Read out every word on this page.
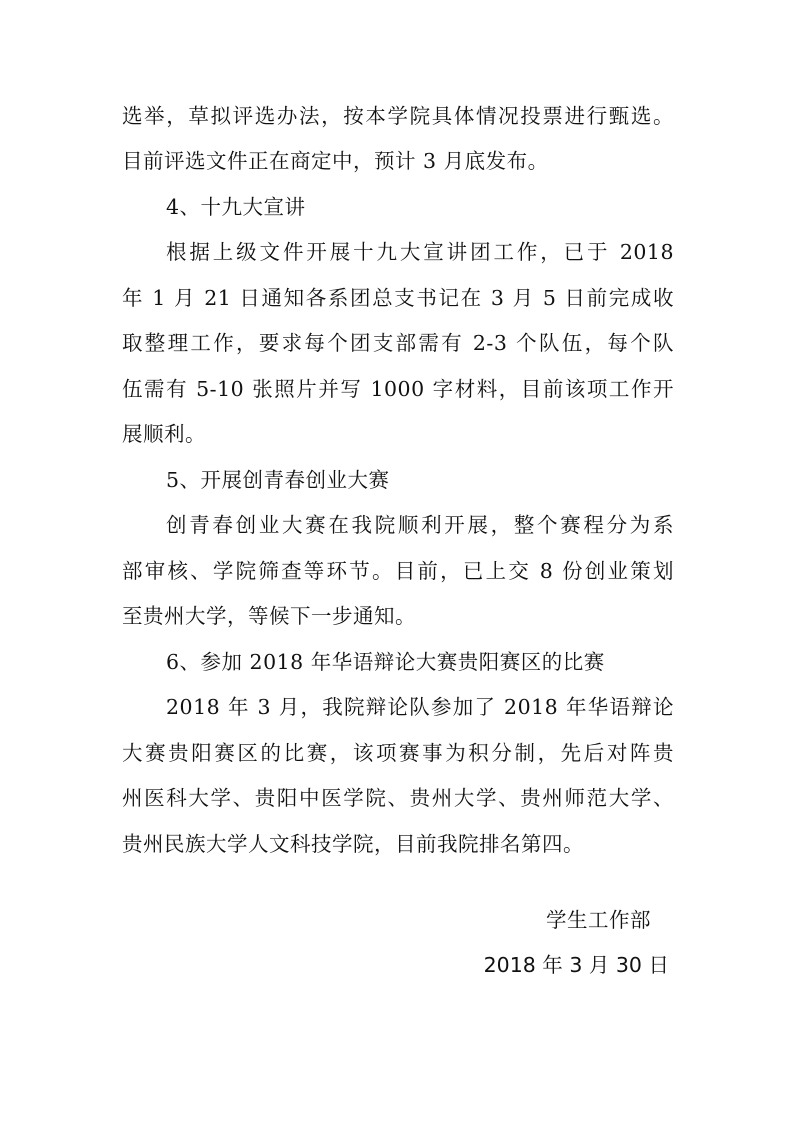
选举，草拟评选办法，按本学院具体情况投票进行甄选。
目前评选文件正在商定中，预计 3 月底发布。
4、十九大宣讲
根据上级文件开展十九大宣讲团工作，已于 2018
年 1 月 21 日通知各系团总支书记在 3 月 5 日前完成收
取整理工作，要求每个团支部需有 2-3 个队伍，每个队
伍需有 5-10 张照片并写 1000 字材料，目前该项工作开
展顺利。
5、开展创青春创业大赛
创青春创业大赛在我院顺利开展，整个赛程分为系
部审核、学院筛查等环节。目前，已上交 8 份创业策划
至贵州大学，等候下一步通知。
6、参加 2018 年华语辩论大赛贵阳赛区的比赛
2018 年 3 月，我院辩论队参加了 2018 年华语辩论
大赛贵阳赛区的比赛，该项赛事为积分制，先后对阵贵
州医科大学、贵阳中医学院、贵州大学、贵州师范大学、
贵州民族大学人文科技学院，目前我院排名第四。
学生工作部
2018 年 3 月 30 日
